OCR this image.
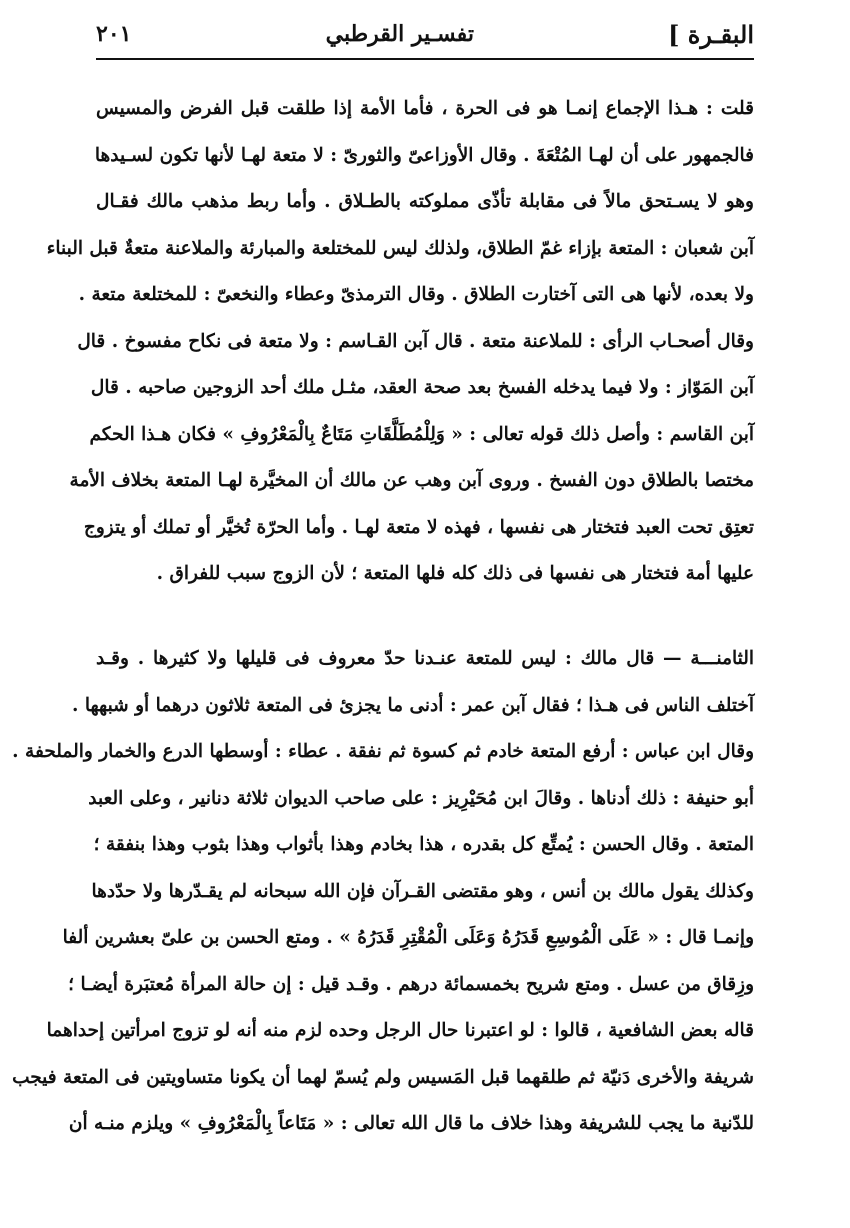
البقـرة ]
تفسـير القرطبي
٢٠١
قلت : هـذا الإجماع إنمـا هو فى الحرة ، فأما الأمة إذا طلقت قبل الفرض والمسيس
فالجمهور على أن لهـا المُتْعَةَ . وقال الأوزاعىّ والثورىّ : لا متعة لهـا لأنها تكون لسـيدها
وهو لا يسـتحق مالاً فى مقابلة تأذّى مملوكته بالطـلاق . وأما ربط مذهب مالك فقـال
آبن شعبان : المتعة بإزاء غمّ الطلاق، ولذلك ليس للمختلعة والمبارئة والملاعنة متعةٌ قبل البناء
ولا بعده، لأنها هى التى آختارت الطلاق . وقال الترمذىّ وعطاء والنخعىّ : للمختلعة متعة .
وقال أصحـاب الرأى : للملاعنة متعة . قال آبن القـاسم : ولا متعة فى نكاح مفسوخ . قال
آبن المَوّاز : ولا فيما يدخله الفسخ بعد صحة العقد، مثـل ملك أحد الزوجين صاحبه . قال
آبن القاسم : وأصل ذلك قوله تعالى : « وَلِلْمُطَلَّقَاتِ مَتَاعٌ بِالْمَعْرُوفِ » فكان هـذا الحكم
مختصا بالطلاق دون الفسخ . وروى آبن وهب عن مالك أن المخيَّرة لهـا المتعة بخلاف الأمة
تعتِق تحت العبد فتختار هى نفسها ، فهذه لا متعة لهـا . وأما الحرّة تُخيَّر أو تملك أو يتزوج
عليها أمة فتختار هى نفسها فى ذلك كله فلها المتعة ؛ لأن الزوج سبب للفراق .
الثامنـــة — قال مالك : ليس للمتعة عنـدنا حدّ معروف فى قليلها ولا كثيرها . وقـد
آختلف الناس فى هـذا ؛ فقال آبن عمر : أدنى ما يجزئ فى المتعة ثلاثون درهما أو شبهها .
وقال ابن عباس : أرفع المتعة خادم ثم كسوة ثم نفقة . عطاء : أوسطها الدرع والخمار والملحفة .
أبو حنيفة : ذلك أدناها . وقالَ ابن مُحَيْرِيز : على صاحب الديوان ثلاثة دنانير ، وعلى العبد
المتعة . وقال الحسن : يُمتِّع كل بقدره ، هذا بخادم وهذا بأثواب وهذا بثوب وهذا بنفقة ؛
وكذلك يقول مالك بن أنس ، وهو مقتضى القـرآن فإن الله سبحانه لم يقـدّرها ولا حدّدها
وإنمـا قال : « عَلَى الْمُوسِعِ قَدَرُهُ وَعَلَى الْمُقْتِرِ قَدَرُهُ » . ومتع الحسن بن علىّ بعشرين ألفا
وزِقاق من عسل . ومتع شريح بخمسمائة درهم . وقـد قيل : إن حالة المرأة مُعتبَرة أيضـا ؛
قاله بعض الشافعية ، قالوا : لو اعتبرنا حال الرجل وحده لزم منه أنه لو تزوج امرأتين إحداهما
شريفة والأخرى دَنيّة ثم طلقهما قبل المَسيس ولم يُسمّ لهما أن يكونا متساويتين فى المتعة فيجب
للدّنية ما يجب للشريفة وهذا خلاف ما قال الله تعالى : « مَتَاعاً بِالْمَعْرُوفِ » ويلزم منـه أن
